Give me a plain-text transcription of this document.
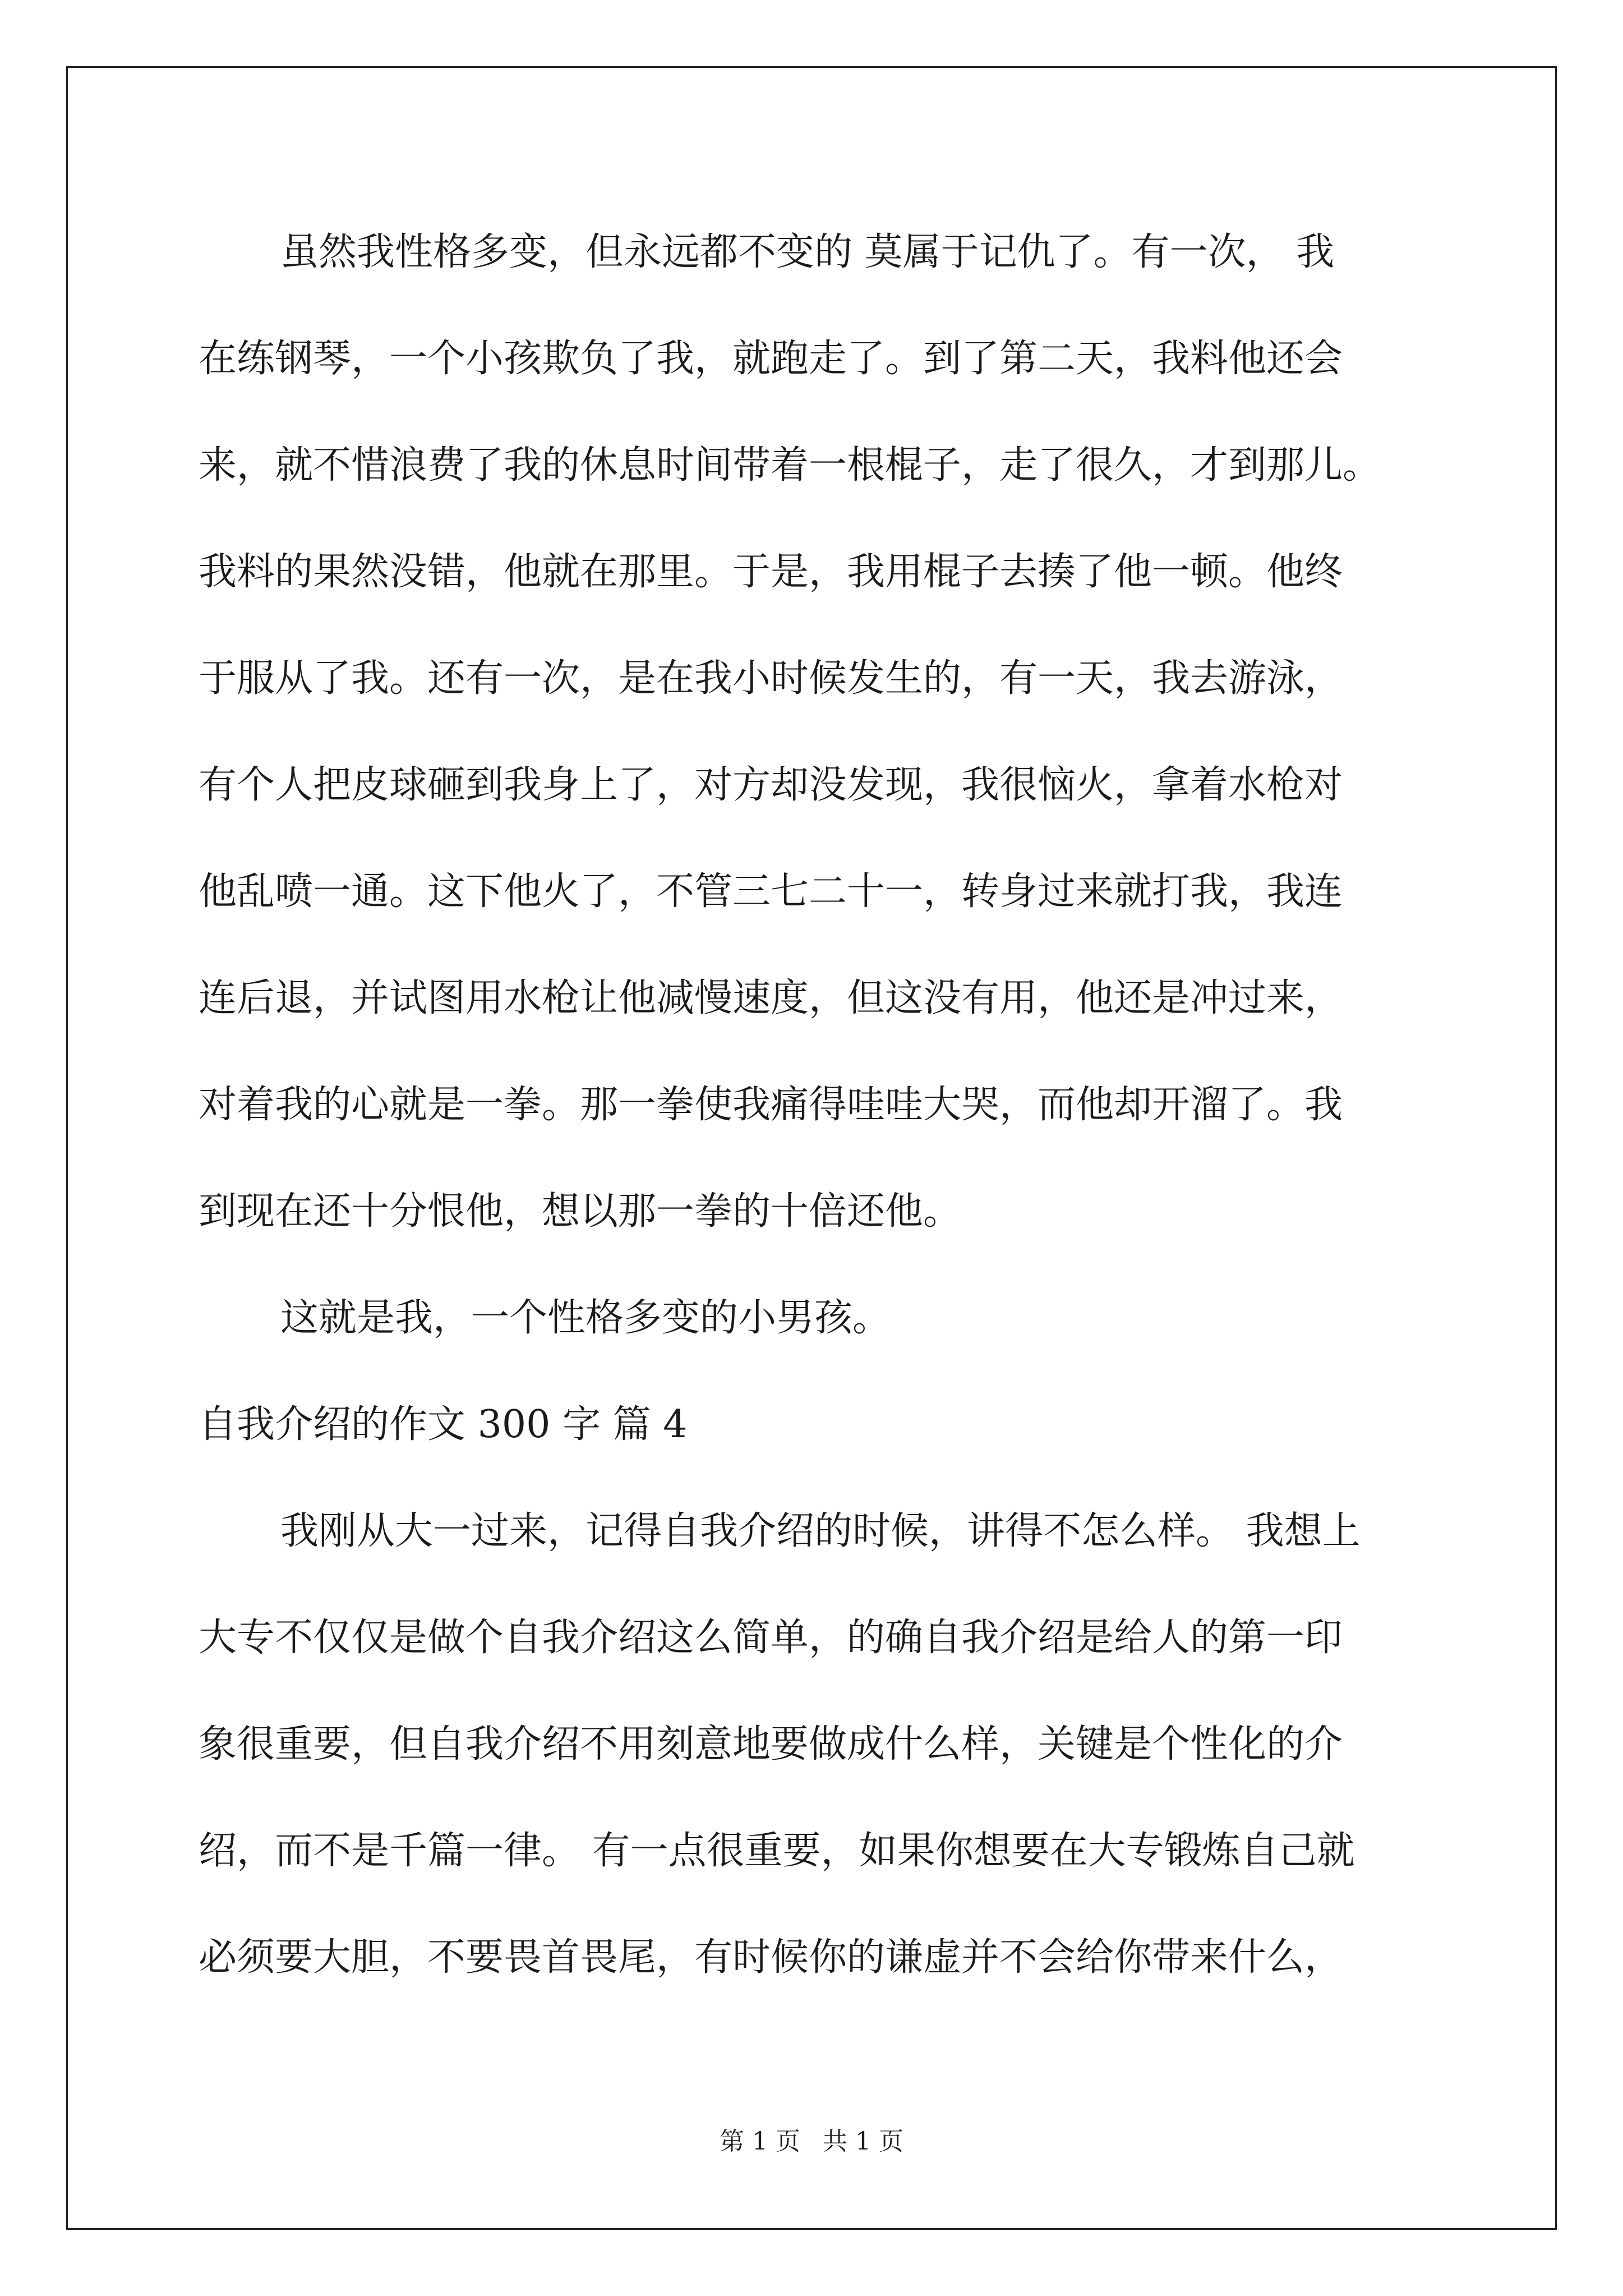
虽然我性格多变，但永远都不变的 莫属于记仇了。有一次， 我
在练钢琴，一个小孩欺负了我，就跑走了。到了第二天，我料他还会
来，就不惜浪费了我的休息时间带着一根棍子，走了很久，才到那儿。
我料的果然没错，他就在那里。于是，我用棍子去揍了他一顿。他终
于服从了我。还有一次，是在我小时候发生的，有一天，我去游泳，
有个人把皮球砸到我身上了，对方却没发现，我很恼火，拿着水枪对
他乱喷一通。这下他火了，不管三七二十一，转身过来就打我，我连
连后退，并试图用水枪让他减慢速度，但这没有用，他还是冲过来，
对着我的心就是一拳。那一拳使我痛得哇哇大哭，而他却开溜了。我
到现在还十分恨他，想以那一拳的十倍还他。
这就是我，一个性格多变的小男孩。
自我介绍的作文 300 字 篇 4
我刚从大一过来，记得自我介绍的时候，讲得不怎么样。 我想上
大专不仅仅是做个自我介绍这么简单，的确自我介绍是给人的第一印
象很重要，但自我介绍不用刻意地要做成什么样，关键是个性化的介
绍，而不是千篇一律。 有一点很重要，如果你想要在大专锻炼自己就
必须要大胆，不要畏首畏尾，有时候你的谦虚并不会给你带来什么，
第 1 页 共 1 页
